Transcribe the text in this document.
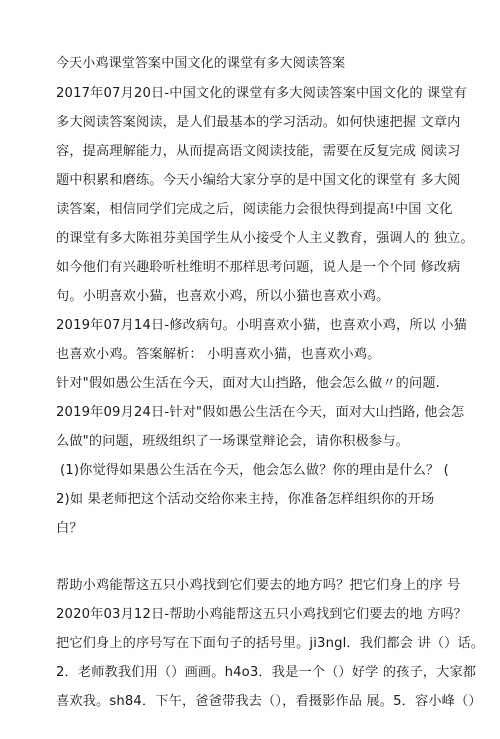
今天小鸡课堂答案中国文化的课堂有多大阅读答案
2017年07月20日-中国文化的课堂有多大阅读答案中国文化的 课堂有
多大阅读答案阅读，是人们最基本的学习活动。如何快速把握 文章内
容，提高理解能力，从而提高语文阅读技能，需要在反复完成 阅读习
题中积累和磨练。今天小编给大家分享的是中国文化的课堂有 多大阅
读答案，相信同学们完成之后，阅读能力会很快得到提高!中国 文化
的课堂有多大陈祖芬美国学生从小接受个人主义教育，强调人的 独立。
如今他们有兴趣聆听杜维明不那样思考问题，说人是一个个同 修改病
句。小明喜欢小猫，也喜欢小鸡，所以小猫也喜欢小鸡。
2019年07月14日-修改病句。小明喜欢小猫，也喜欢小鸡，所以 小猫
也喜欢小鸡。答案解析： 小明喜欢小猫，也喜欢小鸡。
针对"假如愚公生活在今天，面对大山挡路，他会怎么做〃的问题.
2019年09月24日-针对"假如愚公生活在今天，面对大山挡路, 他会怎
么做"的问题，班级组织了一场课堂辩论会，请你积极参与。
(1)你觉得如果愚公生活在今天，他会怎么做？你的理由是什么？ (
2)如 果老师把这个活动交给你来主持，你准备怎样组织你的开场
白？
帮助小鸡能帮这五只小鸡找到它们要去的地方吗？把它们身上的序 号
2020年03月12日-帮助小鸡能帮这五只小鸡找到它们要去的地 方吗？
把它们身上的序号写在下面句子的括号里。ji3ngl．我们都会 讲（）话。
2．老师教我们用（）画画。h4o3．我是一个（）好学 的孩子，大家都
喜欢我。sh84．下午，爸爸带我去（），看摄影作品 展。5．容小峰（）
